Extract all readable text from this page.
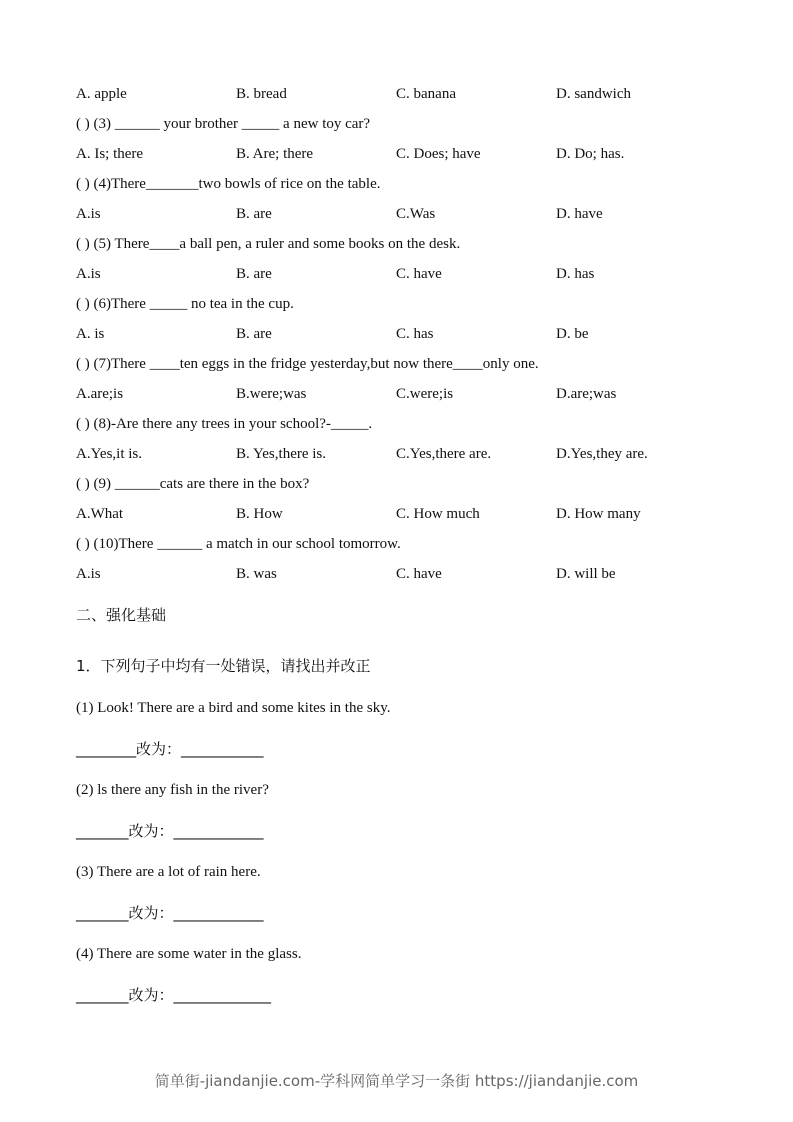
A. apple	B. bread	C. banana	D. sandwich
( ) (3) ______ your brother _____ a new toy car?
A. Is; there	B. Are; there	C. Does; have	D. Do; has.
( ) (4)There_______two bowls of rice on the table.
A.is	B. are	C.Was	D. have
( ) (5) There____a ball pen, a ruler and some books on the desk.
A.is	B. are	C. have	D. has
( ) (6)There _____ no tea in the cup.
A. is	B. are	C. has	D. be
( ) (7)There ____ten eggs in the fridge yesterday,but now there____only one.
A.are;is	B.were;was	C.were;is	D.are;was
( ) (8)-Are there any trees in your school?-_____.
A.Yes,it is.	B. Yes,there is.	C.Yes,there are.	D.Yes,they are.
( ) (9) ______cats are there in the box?
A.What	B. How	C. How much	D. How many
( ) (10)There ______ a match in our school tomorrow.
A.is	B. was	C. have	D. will be
二、强化基础
1．下列句子中均有一处错误，请找出并改正
(1) Look! There are a bird and some kites in the sky.
________改为：___________
(2) ls there any fish in the river?
_______改为：____________
(3) There are a lot of rain here.
_______改为：____________
(4) There are some water in the glass.
_______改为：_____________
简单街-jiandanjie.com-学科网简单学习一条街 https://jiandanjie.com
